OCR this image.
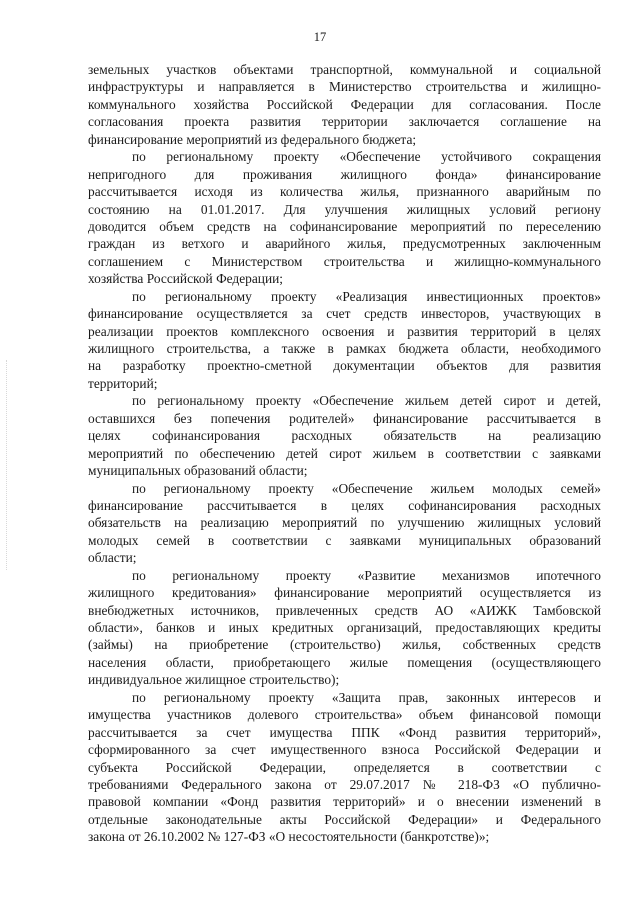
17
земельных участков объектами транспортной, коммунальной и социальной
инфраструктуры и направляется в Министерство строительства и жилищно-
коммунального хозяйства Российской Федерации для согласования. После
согласования проекта развития территории заключается соглашение на
финансирование мероприятий из федерального бюджета;
по региональному проекту «Обеспечение устойчивого сокращения
непригодного для проживания жилищного фонда» финансирование
рассчитывается исходя из количества жилья, признанного аварийным по
состоянию на 01.01.2017. Для улучшения жилищных условий региону
доводится объем средств на софинансирование мероприятий по переселению
граждан из ветхого и аварийного жилья, предусмотренных заключенным
соглашением с Министерством строительства и жилищно-коммунального
хозяйства Российской Федерации;
по региональному проекту «Реализация инвестиционных проектов»
финансирование осуществляется за счет средств инвесторов, участвующих в
реализации проектов комплексного освоения и развития территорий в целях
жилищного строительства, а также в рамках бюджета области, необходимого
на разработку проектно-сметной документации объектов для развития
территорий;
по региональному проекту «Обеспечение жильем детей сирот и детей,
оставшихся без попечения родителей» финансирование рассчитывается в
целях софинансирования расходных обязательств на реализацию
мероприятий по обеспечению детей сирот жильем в соответствии с заявками
муниципальных образований области;
по региональному проекту «Обеспечение жильем молодых семей»
финансирование рассчитывается в целях софинансирования расходных
обязательств на реализацию мероприятий по улучшению жилищных условий
молодых семей в соответствии с заявками муниципальных образований
области;
по региональному проекту «Развитие механизмов ипотечного
жилищного кредитования» финансирование мероприятий осуществляется из
внебюджетных источников, привлеченных средств АО «АИЖК Тамбовской
области», банков и иных кредитных организаций, предоставляющих кредиты
(займы) на приобретение (строительство) жилья, собственных средств
населения области, приобретающего жилые помещения (осуществляющего
индивидуальное жилищное строительство);
по региональному проекту «Защита прав, законных интересов и
имущества участников долевого строительства» объем финансовой помощи
рассчитывается за счет имущества ППК «Фонд развития территорий»,
сформированного за счет имущественного взноса Российской Федерации и
субъекта Российской Федерации, определяется в соответствии с
требованиями Федерального закона от 29.07.2017 № 218-ФЗ «О публично-
правовой компании «Фонд развития территорий» и о внесении изменений в
отдельные законодательные акты Российской Федерации» и Федерального
закона от 26.10.2002 № 127-ФЗ «О несостоятельности (банкротстве)»;
